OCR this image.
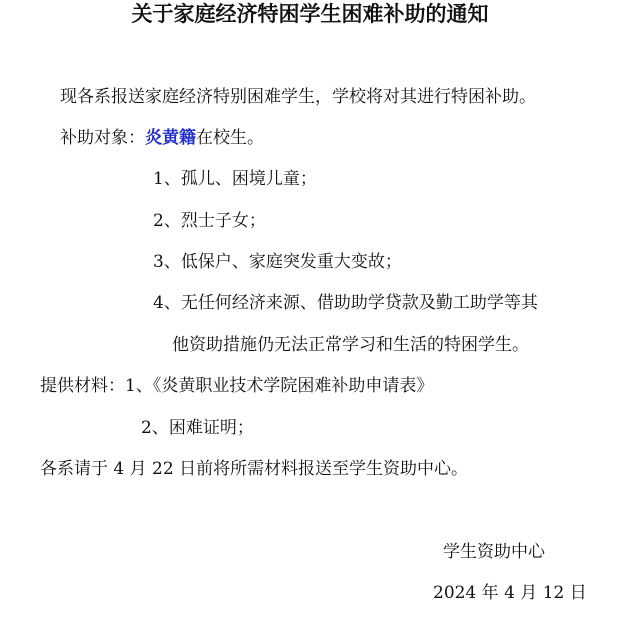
关于家庭经济特困学生困难补助的通知
现各系报送家庭经济特别困难学生，学校将对其进行特困补助。
补助对象：炎黄籍在校生。
1、孤儿、困境儿童；
2、烈士子女；
3、低保户、家庭突发重大变故；
4、无任何经济来源、借助助学贷款及勤工助学等其
他资助措施仍无法正常学习和生活的特困学生。
提供材料：1、《炎黄职业技术学院困难补助申请表》
2、困难证明；
各系请于 4 月 22 日前将所需材料报送至学生资助中心。
学生资助中心
2024 年 4 月 12 日
